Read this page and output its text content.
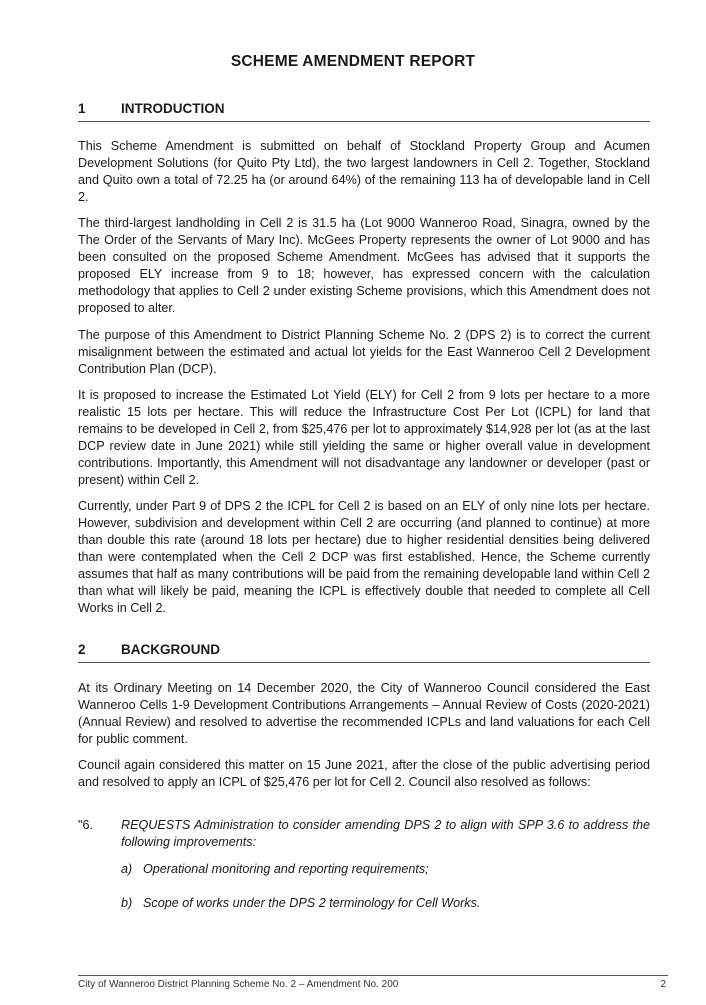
SCHEME AMENDMENT REPORT
1	INTRODUCTION

This Scheme Amendment is submitted on behalf of Stockland Property Group and Acumen Development Solutions (for Quito Pty Ltd), the two largest landowners in Cell 2. Together, Stockland and Quito own a total of 72.25 ha (or around 64%) of the remaining 113 ha of developable land in Cell 2.

The third-largest landholding in Cell 2 is 31.5 ha (Lot 9000 Wanneroo Road, Sinagra, owned by the The Order of the Servants of Mary Inc). McGees Property represents the owner of Lot 9000 and has been consulted on the proposed Scheme Amendment. McGees has advised that it supports the proposed ELY increase from 9 to 18; however, has expressed concern with the calculation methodology that applies to Cell 2 under existing Scheme provisions, which this Amendment does not proposed to alter.

The purpose of this Amendment to District Planning Scheme No. 2 (DPS 2) is to correct the current misalignment between the estimated and actual lot yields for the East Wanneroo Cell 2 Development Contribution Plan (DCP).

It is proposed to increase the Estimated Lot Yield (ELY) for Cell 2 from 9 lots per hectare to a more realistic 15 lots per hectare. This will reduce the Infrastructure Cost Per Lot (ICPL) for land that remains to be developed in Cell 2, from $25,476 per lot to approximately $14,928 per lot (as at the last DCP review date in June 2021) while still yielding the same or higher overall value in development contributions. Importantly, this Amendment will not disadvantage any landowner or developer (past or present) within Cell 2.

Currently, under Part 9 of DPS 2 the ICPL for Cell 2 is based on an ELY of only nine lots per hectare. However, subdivision and development within Cell 2 are occurring (and planned to continue) at more than double this rate (around 18 lots per hectare) due to higher residential densities being delivered than were contemplated when the Cell 2 DCP was first established. Hence, the Scheme currently assumes that half as many contributions will be paid from the remaining developable land within Cell 2 than what will likely be paid, meaning the ICPL is effectively double that needed to complete all Cell Works in Cell 2.

2	BACKGROUND

At its Ordinary Meeting on 14 December 2020, the City of Wanneroo Council considered the East Wanneroo Cells 1-9 Development Contributions Arrangements – Annual Review of Costs (2020-2021) (Annual Review) and resolved to advertise the recommended ICPLs and land valuations for each Cell for public comment.

Council again considered this matter on 15 June 2021, after the close of the public advertising period and resolved to apply an ICPL of $25,476 per lot for Cell 2. Council also resolved as follows:

"6.	REQUESTS Administration to consider amending DPS 2 to align with SPP 3.6 to address the following improvements:
a) Operational monitoring and reporting requirements;
b) Scope of works under the DPS 2 terminology for Cell Works.
City of Wanneroo District Planning Scheme No. 2 – Amendment No. 200	2
